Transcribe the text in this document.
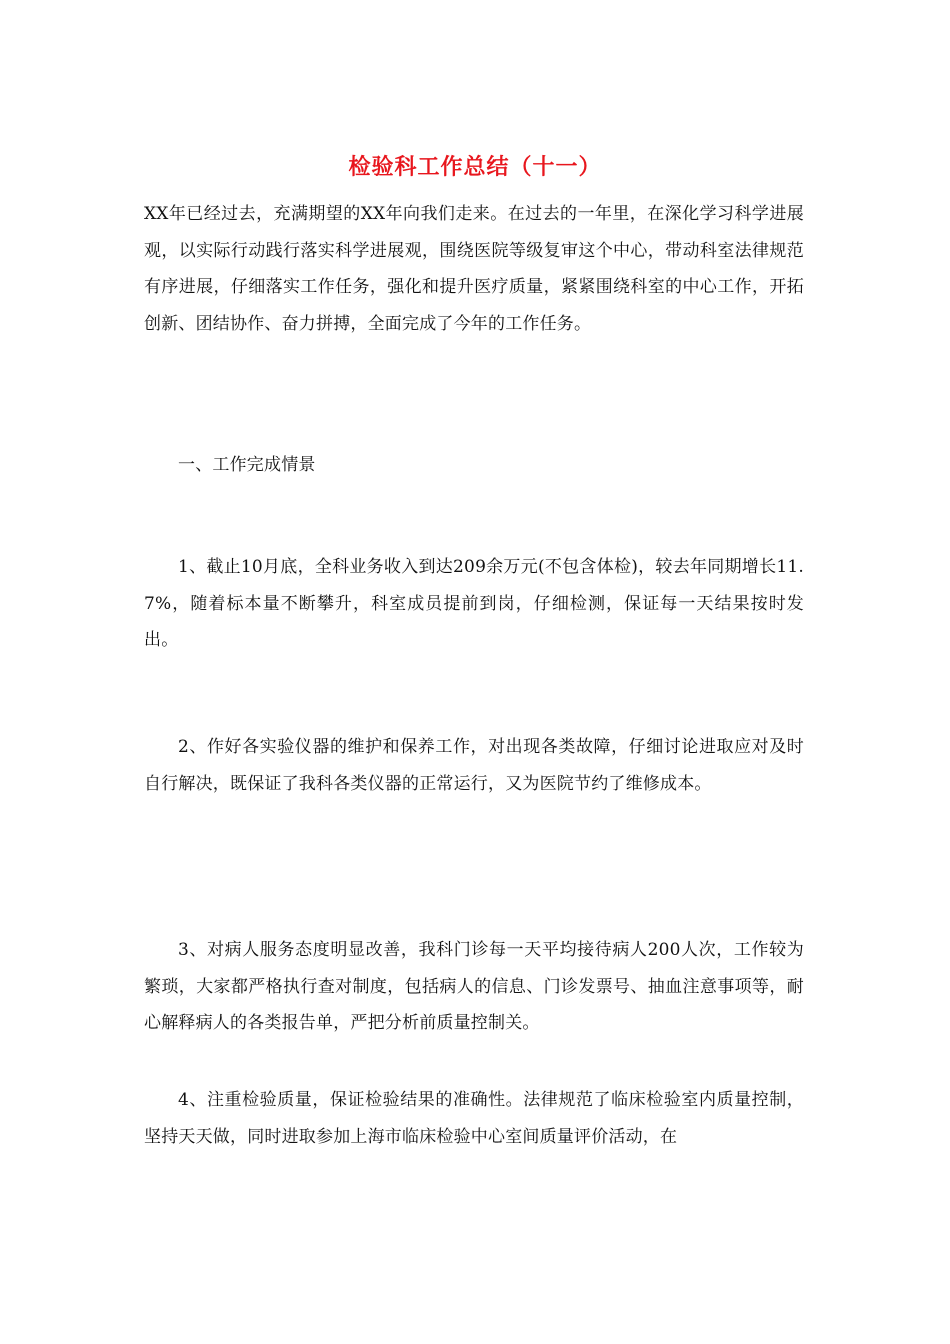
检验科工作总结（十一）
XX年已经过去，充满期望的XX年向我们走来。在过去的一年里，在深化学习科学进展观，以实际行动践行落实科学进展观，围绕医院等级复审这个中心，带动科室法律规范有序进展，仔细落实工作任务，强化和提升医疗质量，紧紧围绕科室的中心工作，开拓创新、团结协作、奋力拼搏，全面完成了今年的工作任务。
一、工作完成情景
1、截止10月底，全科业务收入到达209余万元(不包含体检)，较去年同期增长11.7%，随着标本量不断攀升，科室成员提前到岗，仔细检测，保证每一天结果按时发出。
2、作好各实验仪器的维护和保养工作，对出现各类故障，仔细讨论进取应对及时自行解决，既保证了我科各类仪器的正常运行，又为医院节约了维修成本。
3、对病人服务态度明显改善，我科门诊每一天平均接待病人200人次，工作较为繁琐，大家都严格执行查对制度，包括病人的信息、门诊发票号、抽血注意事项等，耐心解释病人的各类报告单，严把分析前质量控制关。
4、注重检验质量，保证检验结果的准确性。法律规范了临床检验室内质量控制，坚持天天做，同时进取参加上海市临床检验中心室间质量评价活动，在
